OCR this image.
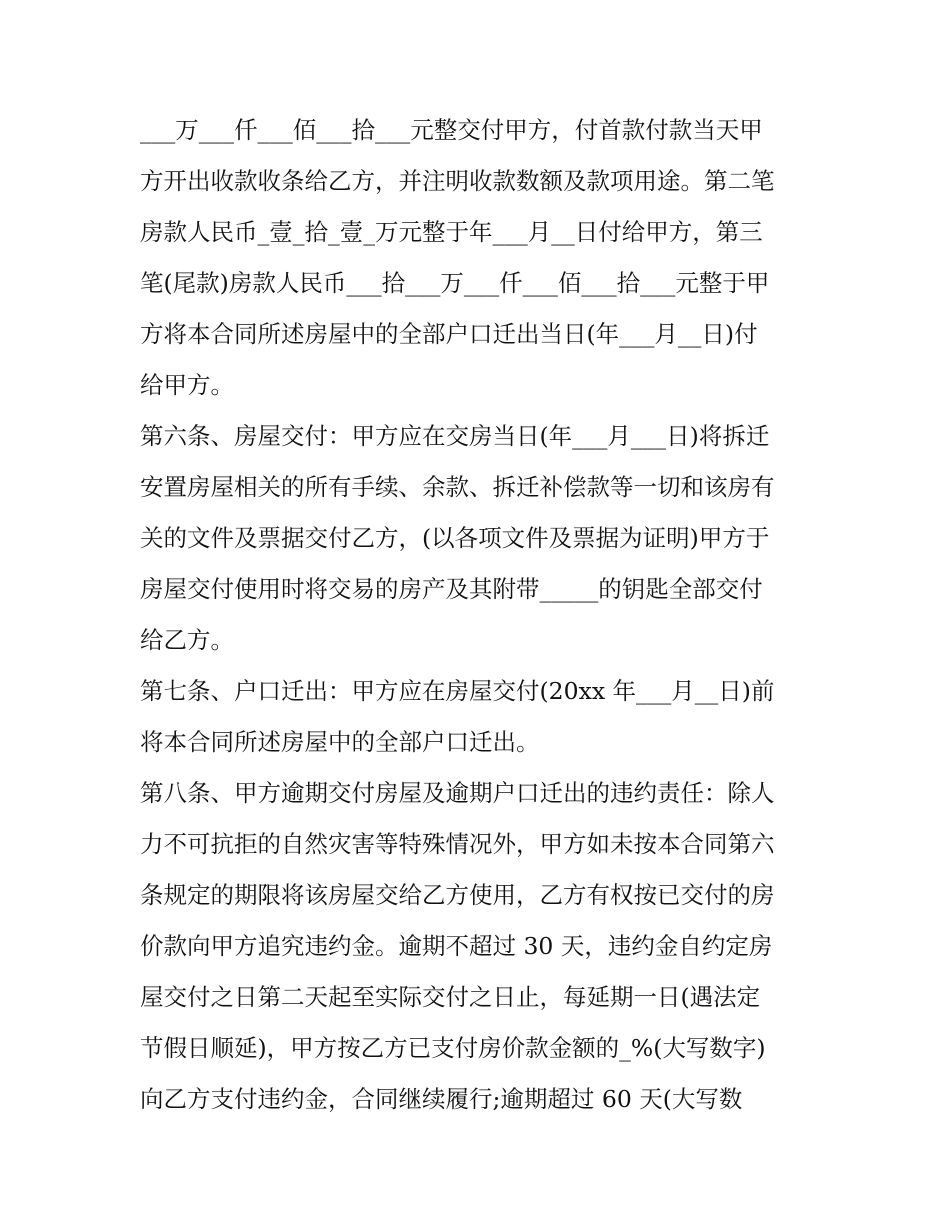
___万___仟___佰___拾___元整交付甲方，付首款付款当天甲
方开出收款收条给乙方，并注明收款数额及款项用途。第二笔
房款人民币_壹_拾_壹_万元整于年___月__日付给甲方，第三
笔(尾款)房款人民币___拾___万___仟___佰___拾___元整于甲
方将本合同所述房屋中的全部户口迁出当日(年___月__日)付
给甲方。
第六条、房屋交付：甲方应在交房当日(年___月___日)将拆迁
安置房屋相关的所有手续、余款、拆迁补偿款等一切和该房有
关的文件及票据交付乙方，(以各项文件及票据为证明)甲方于
房屋交付使用时将交易的房产及其附带_____的钥匙全部交付
给乙方。
第七条、户口迁出：甲方应在房屋交付(20xx 年___月__日)前
将本合同所述房屋中的全部户口迁出。
第八条、甲方逾期交付房屋及逾期户口迁出的违约责任：除人
力不可抗拒的自然灾害等特殊情况外，甲方如未按本合同第六
条规定的期限将该房屋交给乙方使用，乙方有权按已交付的房
价款向甲方追究违约金。逾期不超过 30 天，违约金自约定房
屋交付之日第二天起至实际交付之日止，每延期一日(遇法定
节假日顺延)，甲方按乙方已支付房价款金额的_%(大写数字)
向乙方支付违约金，合同继续履行;逾期超过 60 天(大写数
